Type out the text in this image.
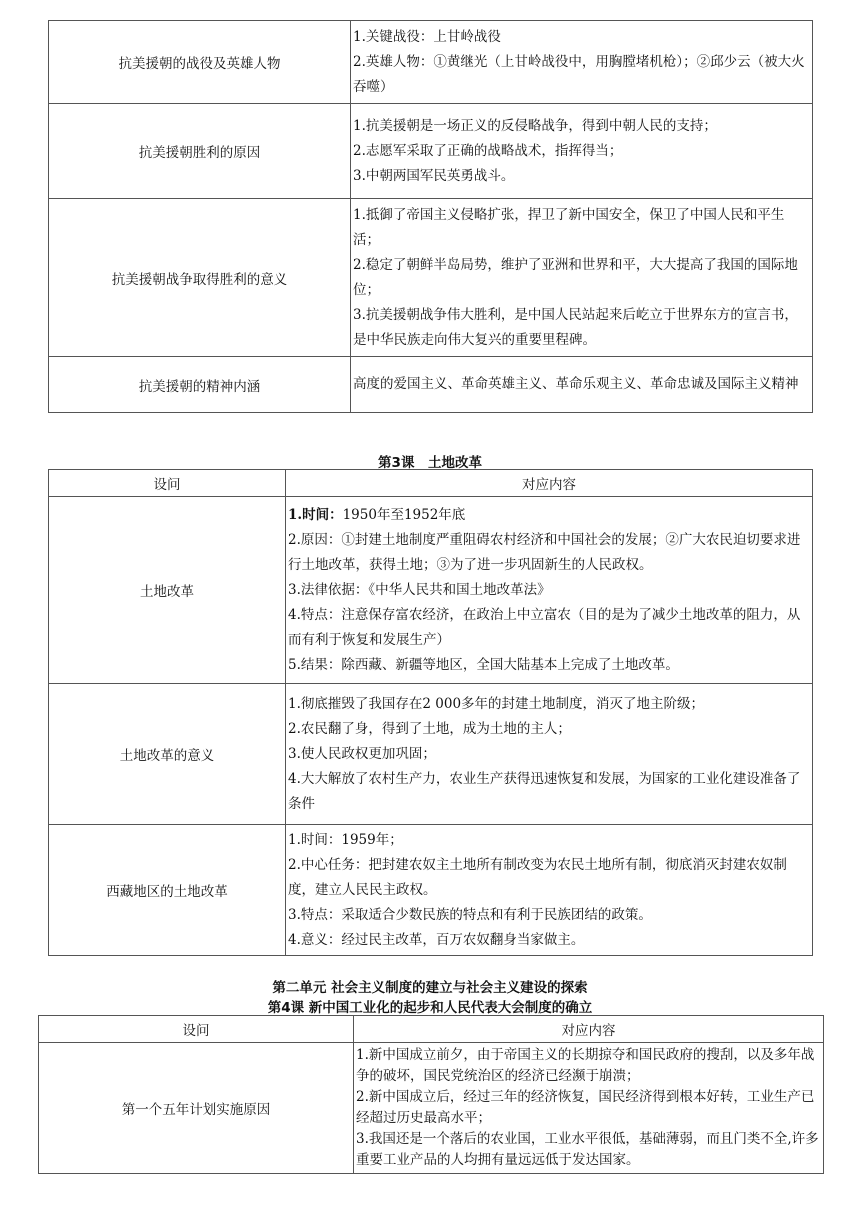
抗美援朝的战役及英雄人物	1.关键战役：上甘岭战役

2.英雄人物：①黄继光（上甘岭战役中，用胸膛堵机枪）；②邱少云（被大火吞噬）

抗美援朝胜利的原因	1.抗美援朝是一场正义的反侵略战争，得到中朝人民的支持；

2.志愿军采取了正确的战略战术，指挥得当；

3.中朝两国军民英勇战斗。

抗美援朝战争取得胜利的意义	1.抵御了帝国主义侵略扩张，捍卫了新中国安全，保卫了中国人民和平生活；

2.稳定了朝鲜半岛局势，维护了亚洲和世界和平，大大提高了我国的国际地位；

3.抗美援朝战争伟大胜利，是中国人民站起来后屹立于世界东方的宣言书，是中华民族走向伟大复兴的重要里程碑。

抗美援朝的精神内涵	高度的爱国主义、革命英雄主义、革命乐观主义、革命忠诚及国际主义精神

第3课　土地改革
设问	对应内容
土地改革	1.时间：1950年至1952年底

2.原因：①封建土地制度严重阻碍农村经济和中国社会的发展；②广大农民迫切要求进行土地改革，获得土地；③为了进一步巩固新生的人民政权。

3.法律依据：《中华人民共和国土地改革法》

4.特点：注意保存富农经济，在政治上中立富农（目的是为了减少土地改革的阻力，从而有利于恢复和发展生产）

5.结果：除西藏、新疆等地区，全国大陆基本上完成了土地改革。

土地改革的意义	1.彻底摧毁了我国存在2 000多年的封建土地制度，消灭了地主阶级；

2.农民翻了身，得到了土地，成为土地的主人；

3.使人民政权更加巩固；

4.大大解放了农村生产力，农业生产获得迅速恢复和发展，为国家的工业化建设准备了条件

西藏地区的土地改革	1.时间：1959年；

2.中心任务：把封建农奴主土地所有制改变为农民土地所有制，彻底消灭封建农奴制度，建立人民民主政权。

3.特点：采取适合少数民族的特点和有利于民族团结的政策。

4.意义：经过民主改革，百万农奴翻身当家做主。

第二单元 社会主义制度的建立与社会主义建设的探索
第4课 新中国工业化的起步和人民代表大会制度的确立
设问	对应内容
第一个五年计划实施原因	1.新中国成立前夕，由于帝国主义的长期掠夺和国民政府的搜刮，以及多年战争的破坏，国民党统治区的经济已经濒于崩溃；

2.新中国成立后，经过三年的经济恢复，国民经济得到根本好转，工业生产已经超过历史最高水平；

3.我国还是一个落后的农业国，工业水平很低，基础薄弱，而且门类不全,许多重要工业产品的人均拥有量远远低于发达国家。
